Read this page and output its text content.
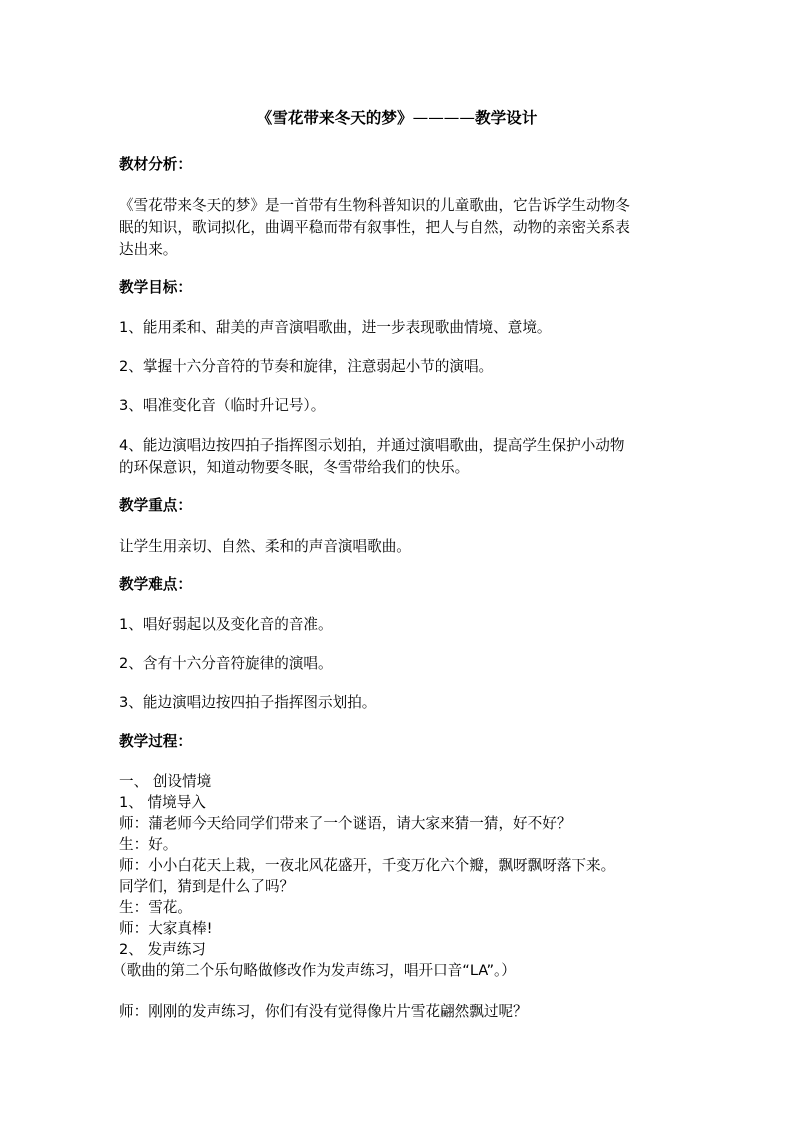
《雪花带来冬天的梦》————教学设计
教材分析：
《雪花带来冬天的梦》是一首带有生物科普知识的儿童歌曲，它告诉学生动物冬
眠的知识，歌词拟化，曲调平稳而带有叙事性，把人与自然，动物的亲密关系表
达出来。
教学目标：
1、能用柔和、甜美的声音演唱歌曲，进一步表现歌曲情境、意境。
2、掌握十六分音符的节奏和旋律，注意弱起小节的演唱。
3、唱准变化音（临时升记号）。
4、能边演唱边按四拍子指挥图示划拍，并通过演唱歌曲，提高学生保护小动物
的环保意识，知道动物要冬眠，冬雪带给我们的快乐。
教学重点：
让学生用亲切、自然、柔和的声音演唱歌曲。
教学难点：
1、唱好弱起以及变化音的音准。
2、含有十六分音符旋律的演唱。
3、能边演唱边按四拍子指挥图示划拍。
教学过程：
一、 创设情境
1、 情境导入
师：蒲老师今天给同学们带来了一个谜语，请大家来猜一猜，好不好？
生：好。
师：小小白花天上栽，一夜北风花盛开，千变万化六个瓣，飘呀飘呀落下来。
同学们，猜到是什么了吗？
生：雪花。
师：大家真棒!
2、 发声练习
（歌曲的第二个乐句略做修改作为发声练习，唱开口音“LA”。）
师：刚刚的发声练习，你们有没有觉得像片片雪花翩然飘过呢？
